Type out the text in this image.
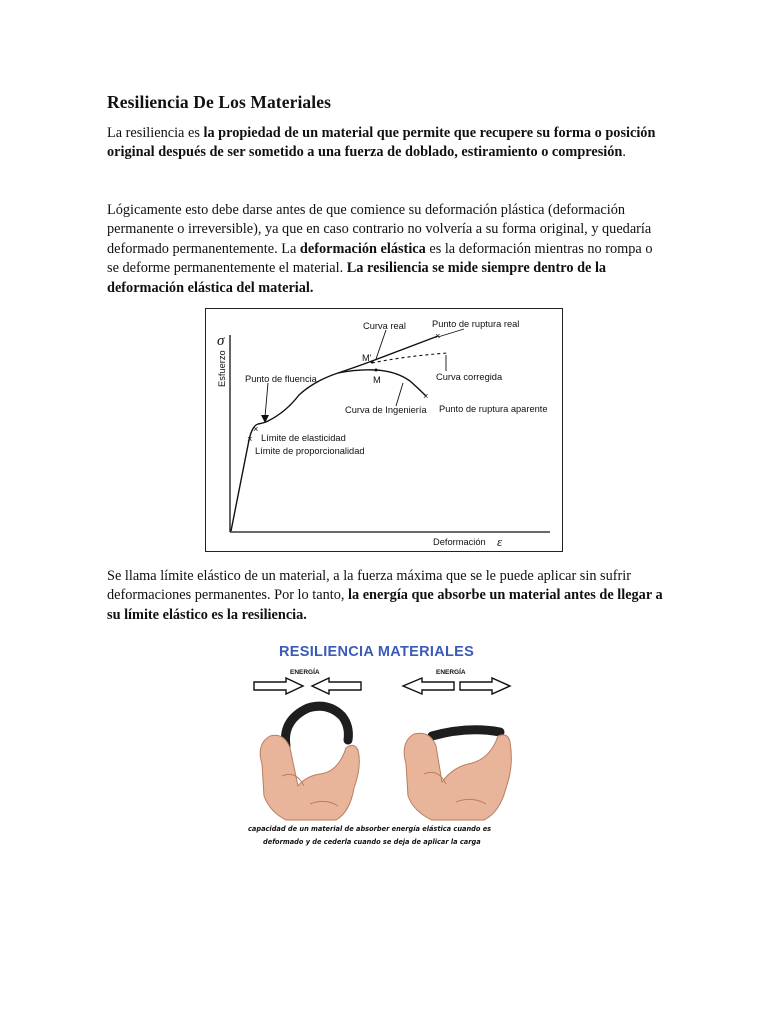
Resiliencia De Los Materiales

La resiliencia es la propiedad de un material que permite que recupere su forma o posición original después de ser sometido a una fuerza de doblado, estiramiento o compresión.

Lógicamente esto debe darse antes de que comience su deformación plástica (deformación permanente o irreversible), ya que en caso contrario no volvería a su forma original, y quedaría deformado permanentemente. La deformación elástica es la deformación mientras no rompa o se deforme permanentemente el material. La resiliencia se mide siempre dentro de la deformación elástica del material.

σ
Esfuerzo
Deformación ε
×
×
×
×
Curva real	Punto de ruptura real
M'
M	Curva corregida
Punto de fluencia
Curva de Ingeniería Punto de ruptura aparente
Límite de elasticidad
Límite de proporcionalidad

Se llama límite elástico de un material, a la fuerza máxima que se le puede aplicar sin sufrir deformaciones permanentes. Por lo tanto, la energía que absorbe un material antes de llegar a su límite elástico es la resiliencia.

RESILIENCIA MATERIALES
ENERGÍA	ENERGÍA
capacidad de un material de absorber energía elástica cuando es
deformado y de cederla cuando se deja de aplicar la carga
